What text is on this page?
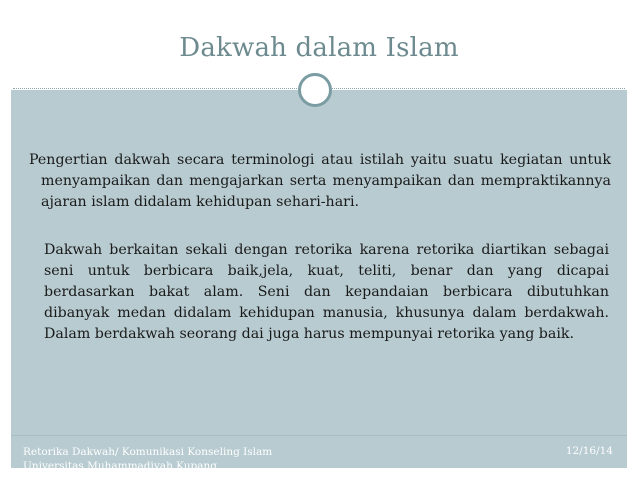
Dakwah dalam Islam
Pengertian dakwah secara terminologi atau istilah yaitu suatu kegiatan untuk menyampaikan dan mengajarkan serta menyampaikan dan mempraktikannya ajaran islam didalam kehidupan sehari-hari.
Dakwah berkaitan sekali dengan retorika karena retorika diartikan sebagai seni untuk berbicara baik,jela, kuat, teliti, benar dan yang dicapai berdasarkan bakat alam. Seni dan kepandaian berbicara dibutuhkan dibanyak medan didalam kehidupan manusia, khusunya dalam berdakwah. Dalam berdakwah seorang dai juga harus mempunyai retorika yang baik.
Retorika Dakwah/ Komunikasi Konseling Islam
Universitas Muhammadiyah Kupang
12/16/14
